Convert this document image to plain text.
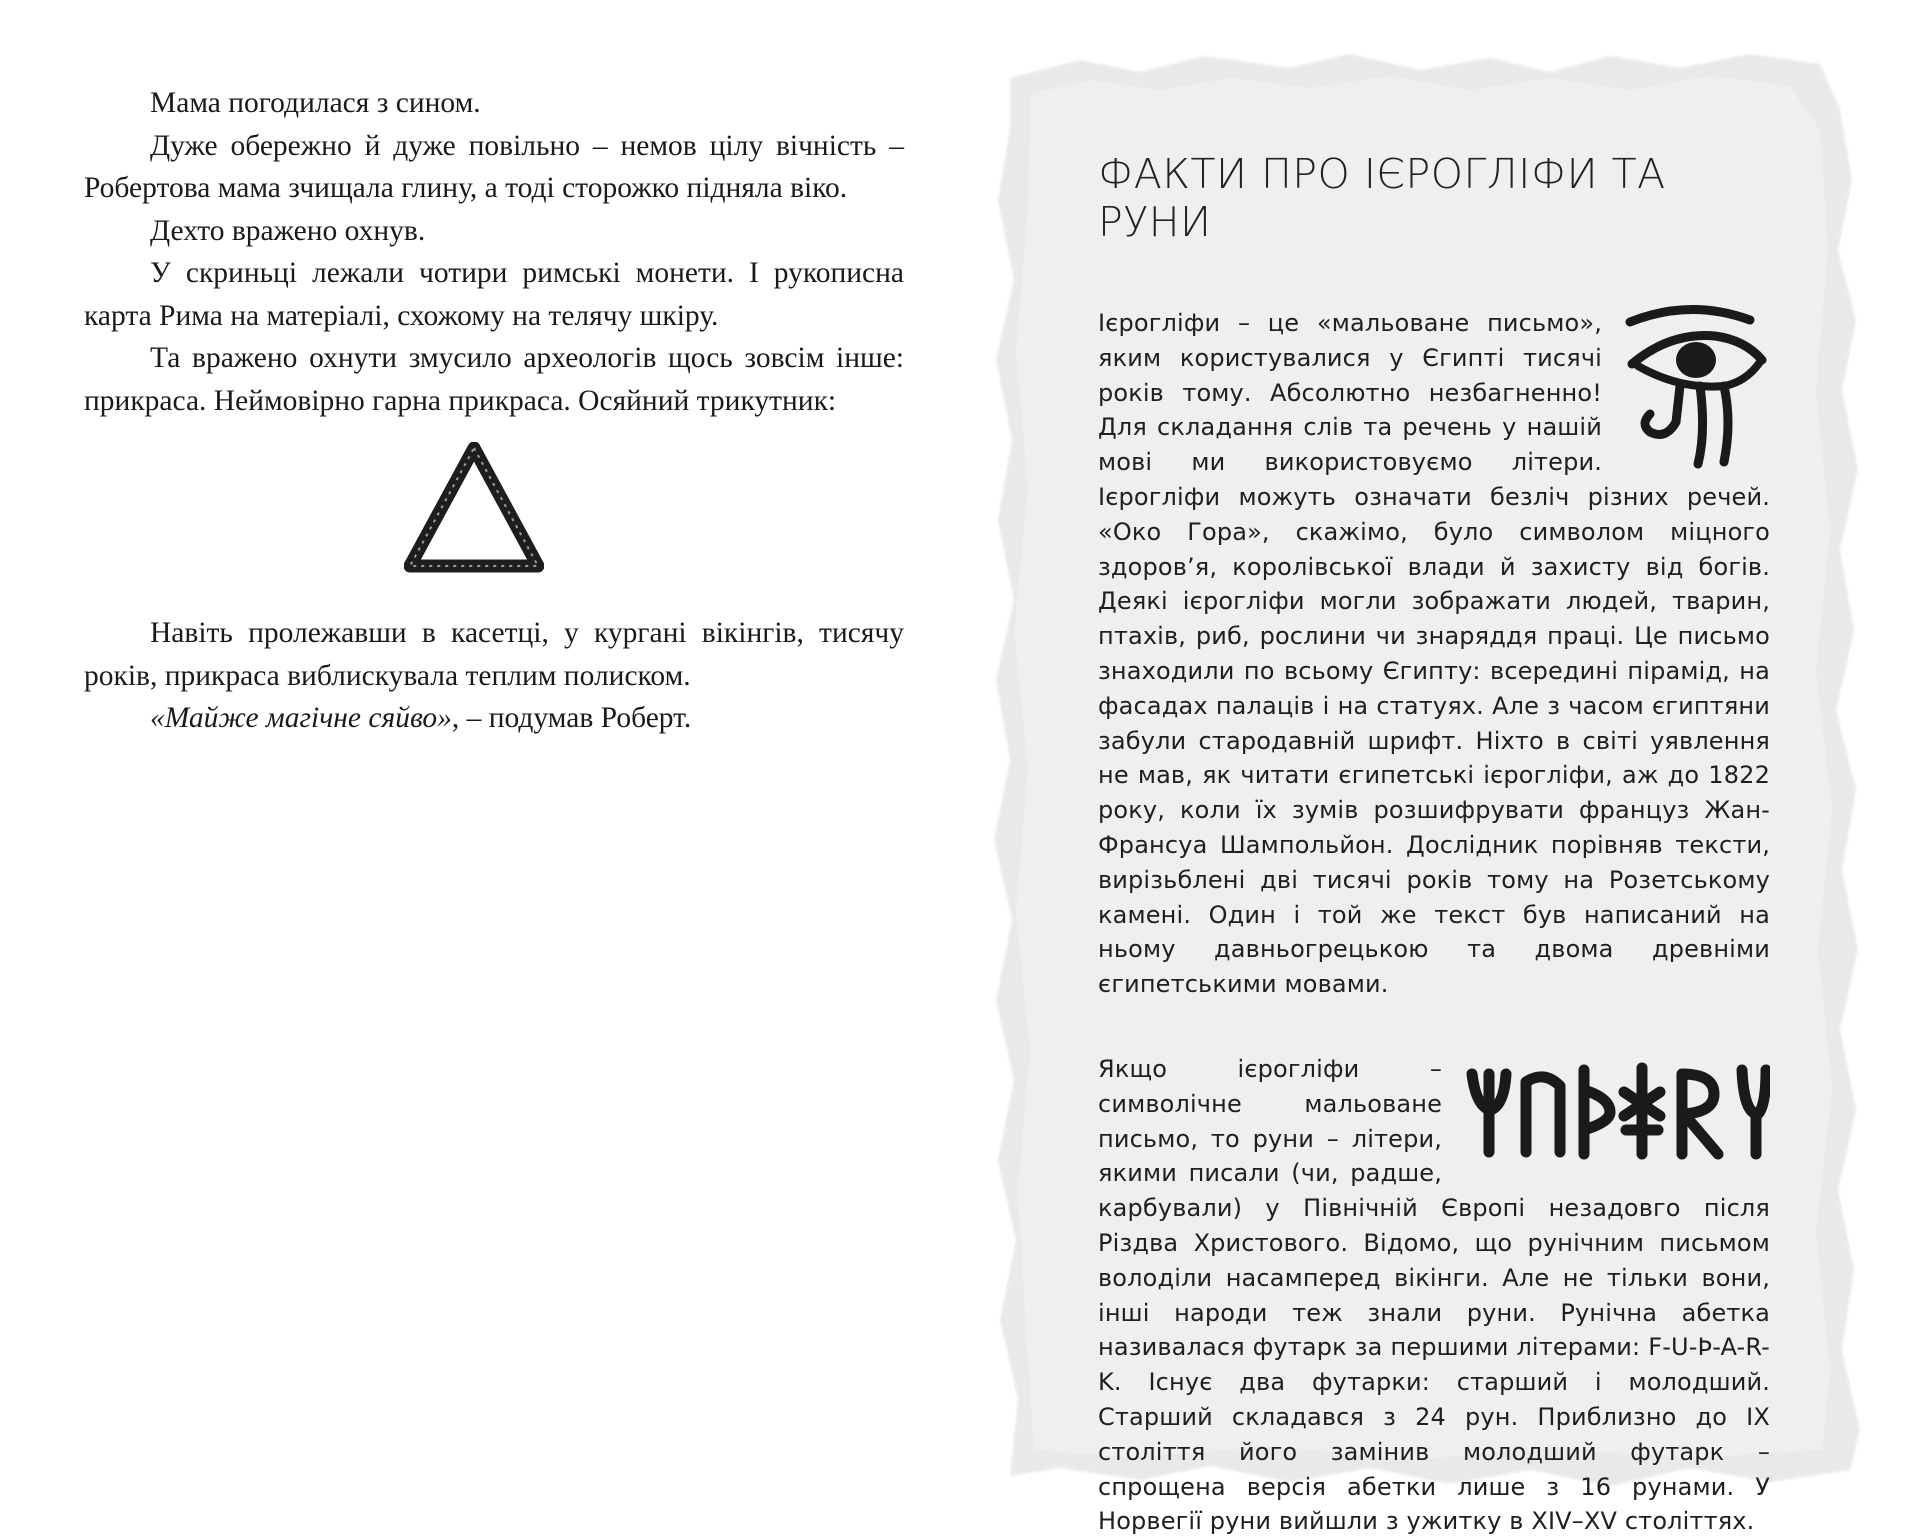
Мама погодилася з сином.

Дуже обережно й дуже повільно – немов цілу вічність – Робертова мама зчищала глину, а тоді сторожко підняла віко.

Дехто вражено охнув.

У скриньці лежали чотири римські монети. І рукописна карта Рима на матеріалі, схожому на телячу шкіру.

Та вражено охнути змусило археологів щось зовсім інше: прикраса. Неймовірно гарна прикраса. Осяйний трикутник:

Навіть пролежавши в касетці, у кургані вікінгів, тисячу років, прикраса виблискувала теплим полиском.

«Майже магічне сяйво», – подумав Роберт.

ФАКТИ ПРО ІЄРОГЛІФИ ТА РУНИ

Ієрогліфи – це «мальоване письмо», яким користувалися у Єгипті тисячі років тому. Абсолютно незбагненно! Для складання слів та речень у нашій мові ми використовуємо літери. Ієрогліфи можуть означати безліч різних речей. «Око Гора», скажімо, було символом міцного здоров’я, королівської влади й захисту від богів. Деякі ієрогліфи могли зображати людей, тварин, птахів, риб, рослини чи знаряддя праці. Це письмо знаходили по всьому Єгипту: всередині пірамід, на фасадах палаців і на статуях. Але з часом єгиптяни забули стародавній шрифт. Ніхто в світі уявлення не мав, як читати єгипетські ієрогліфи, аж до 1822 року, коли їх зумів розшифрувати француз Жан-Франсуа Шампольйон. Дослідник порівняв тексти, вирізьблені дві тисячі років тому на Розетському камені. Один і той же текст був написаний на ньому давньогрецькою та двома древніми єгипетськими мовами.

Якщо ієрогліфи – символічне мальоване письмо, то руни – літери, якими писали (чи, радше, карбували) у Північній Європі незадовго після Різдва Христового. Відомо, що рунічним письмом володіли насамперед вікінги. Але не тільки вони, інші народи теж знали руни. Рунічна абетка називалася футарк за першими літерами: F-U-Þ-A-R-K. Існує два футарки: старший і молодший. Старший складався з 24 рун. Приблизно до IX століття його замінив молодший футарк – спрощена версія абетки лише з 16 рунами. У Норвегії руни вийшли з ужитку в XIV–XV століттях.
